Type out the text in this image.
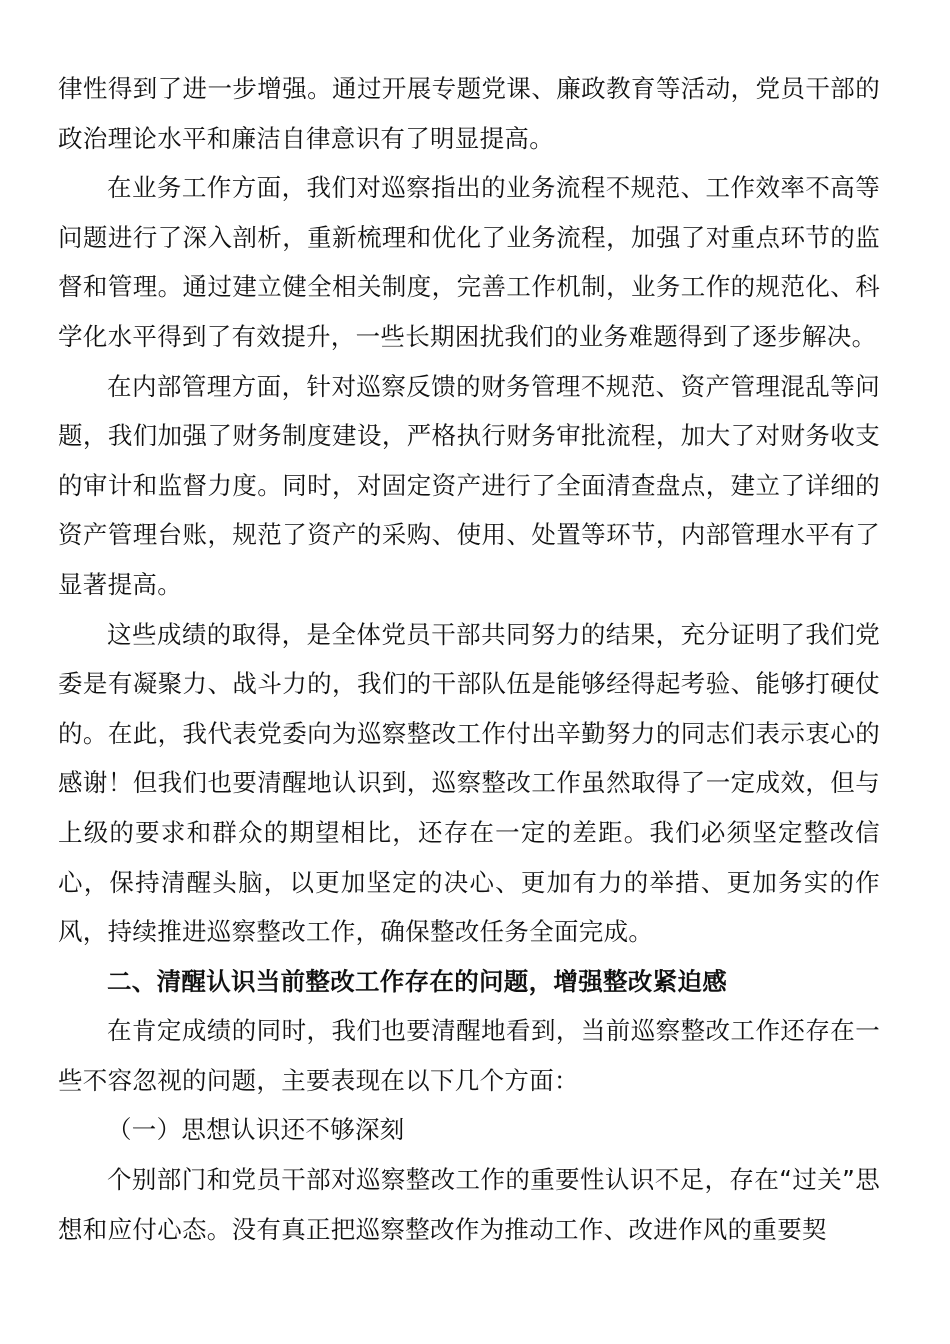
律性得到了进一步增强。通过开展专题党课、廉政教育等活动，党员干部的政治理论水平和廉洁自律意识有了明显提高。

在业务工作方面，我们对巡察指出的业务流程不规范、工作效率不高等问题进行了深入剖析，重新梳理和优化了业务流程，加强了对重点环节的监督和管理。通过建立健全相关制度，完善工作机制，业务工作的规范化、科学化水平得到了有效提升，一些长期困扰我们的业务难题得到了逐步解决。

在内部管理方面，针对巡察反馈的财务管理不规范、资产管理混乱等问题，我们加强了财务制度建设，严格执行财务审批流程，加大了对财务收支的审计和监督力度。同时，对固定资产进行了全面清查盘点，建立了详细的资产管理台账，规范了资产的采购、使用、处置等环节，内部管理水平有了显著提高。

这些成绩的取得，是全体党员干部共同努力的结果，充分证明了我们党委是有凝聚力、战斗力的，我们的干部队伍是能够经得起考验、能够打硬仗的。在此，我代表党委向为巡察整改工作付出辛勤努力的同志们表示衷心的感谢！但我们也要清醒地认识到，巡察整改工作虽然取得了一定成效，但与上级的要求和群众的期望相比，还存在一定的差距。我们必须坚定整改信心，保持清醒头脑，以更加坚定的决心、更加有力的举措、更加务实的作风，持续推进巡察整改工作，确保整改任务全面完成。

二、清醒认识当前整改工作存在的问题，增强整改紧迫感

在肯定成绩的同时，我们也要清醒地看到，当前巡察整改工作还存在一些不容忽视的问题，主要表现在以下几个方面：

（一）思想认识还不够深刻

个别部门和党员干部对巡察整改工作的重要性认识不足，存在“过关”思想和应付心态。没有真正把巡察整改作为推动工作、改进作风的重要契
